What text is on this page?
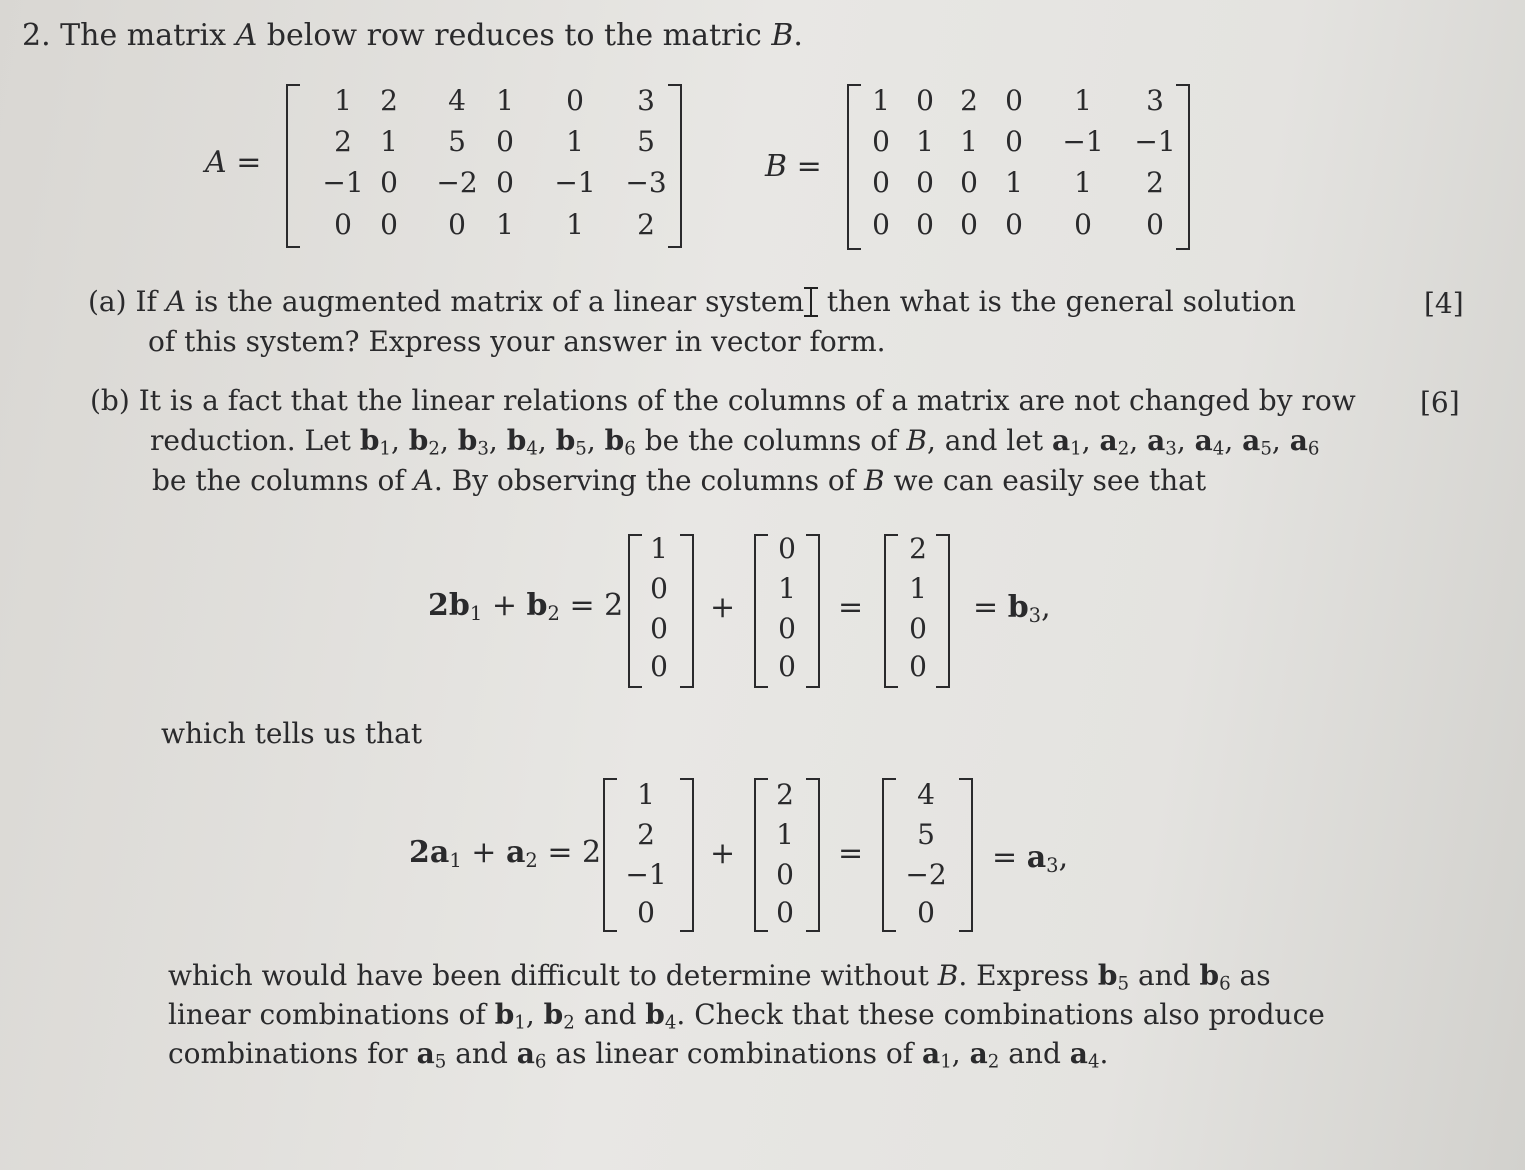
2. The matrix A below row reduces to the matric B.
A =
1	2	4	1	0	3
2	1	5	0	1	5
−1 0	−2 0	−1	−3
0	0	0	1	1	2
B =
1 0 2 0	1	3
0 1 1 0	−1	−1
0 0 0 1	1	2
0 0 0 0	0	0
(a) If A is the augmented matrix of a linear system then what is the general solution
of this system? Express your answer in vector form.
[4]
(b) It is a fact that the linear relations of the columns of a matrix are not changed by row [6]
reduction. Let $b_1$, $b_2$, $b_3$, $b_4$, $b_5$, $b_6$ be the columns of B, and let $a_1$, $a_2$, $a_3$, $a_4$, $a_5$, $a_6$
be the columns of A. By observing the columns of B we can easily see that
$2b_1 + b_2 = 2$
1
0
0
0
+
0
1
0
0
=
2
1
0
0
= $b_3$,
which tells us that
$2a_1 + a_2 = 2$
1
2
−1
0
+
2
1
0
0
=
4
5
−2
0
= $a_3$,
which would have been difficult to determine without B. Express $b_5$ and $b_6$ as
linear combinations of $b_1$, $b_2$ and $b_4$. Check that these combinations also produce
combinations for $a_5$ and $a_6$ as linear combinations of $a_1$, $a_2$ and $a_4$.
